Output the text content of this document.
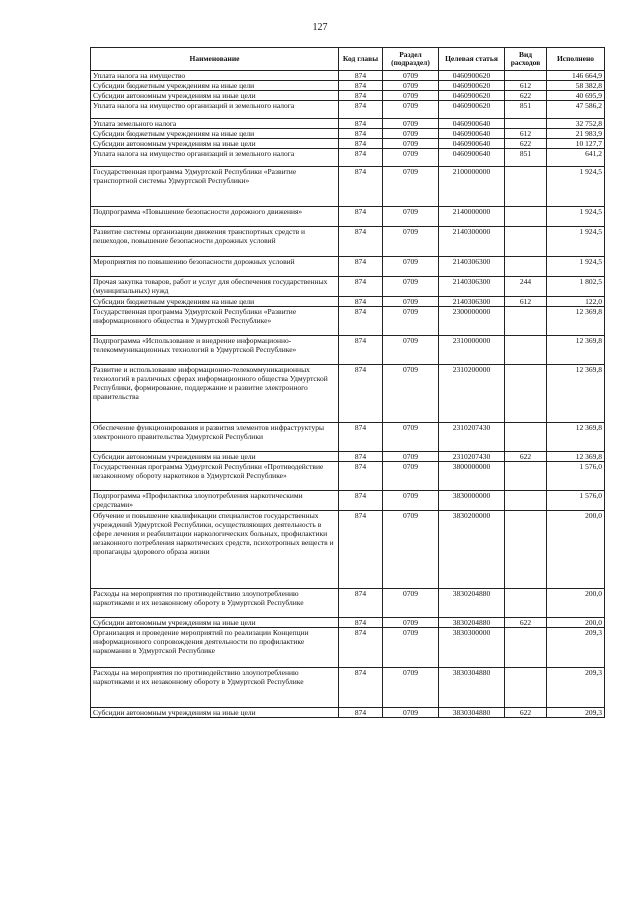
127
Наименование	Код главы	Раздел (подраздел)	Целевая статья	Вид расходов	Исполнено
Уплата налога на имущество	874	0709	0460900620		146 664,9
Субсидии бюджетным учреждениям на иные цели	874	0709	0460900620	612	58 382,8
Субсидии автономным учреждениям на иные цели	874	0709	0460900620	622	40 695,9
Уплата налога на имущество организаций и земельного налога	874	0709	0460900620	851	47 586,2
Уплата земельного налога	874	0709	0460900640		32 752,8
Субсидии бюджетным учреждениям на иные цели	874	0709	0460900640	612	21 983,9
Субсидии автономным учреждениям на иные цели	874	0709	0460900640	622	10 127,7
Уплата налога на имущество организаций и земельного налога	874	0709	0460900640	851	641,2
Государственная программа Удмуртской Республики «Развитие транспортной системы Удмуртской Республики»	874	0709	2100000000		1 924,5
Подпрограмма «Повышение безопасности дорожного движения»	874	0709	2140000000		1 924,5
Развитие системы организации движения транспортных средств и пешеходов, повышение безопасности дорожных условий	874	0709	2140300000		1 924,5
Мероприятия по повышению безопасности дорожных условий	874	0709	2140306300		1 924,5
Прочая закупка товаров, работ и услуг для обеспечения государственных (муниципальных) нужд	874	0709	2140306300	244	1 802,5
Субсидии бюджетным учреждениям на иные цели	874	0709	2140306300	612	122,0
Государственная программа Удмуртской Республики «Развитие информационного общества в Удмуртской Республике»	874	0709	2300000000		12 369,8
Подпрограмма «Использование и внедрение информационно-телекоммуникационных технологий в Удмуртской Республике»	874	0709	2310000000		12 369,8
Развитие и использование информационно-телекоммуникационных технологий в различных сферах информационного общества Удмуртской Республики, формирование, поддержание и развитие электронного правительства	874	0709	2310200000		12 369,8
Обеспечение функционирования и развития элементов инфраструктуры электронного правительства Удмуртской Республики	874	0709	2310207430		12 369,8
Субсидии автономным учреждениям на иные цели	874	0709	2310207430	622	12 369,8
Государственная программа Удмуртской Республики «Противодействие незаконному обороту наркотиков в Удмуртской Республике»	874	0709	3800000000		1 576,0
Подпрограмма «Профилактика злоупотребления наркотическими средствами»	874	0709	3830000000		1 576,0
Обучение и повышение квалификации специалистов государственных учреждений Удмуртской Республики, осуществляющих деятельность в сфере лечения и реабилитации наркологических больных, профилактики незаконного потребления наркотических средств, психотропных веществ и пропаганды здорового образа жизни	874	0709	3830200000		200,0
Расходы на мероприятия по противодействию злоупотреблению наркотиками и их незаконному обороту в Удмуртской Республике	874	0709	3830204880		200,0
Субсидии автономным учреждениям на иные цели	874	0709	3830204880	622	200,0
Организация и проведение мероприятий по реализации Концепции информационного сопровождения деятельности по профилактике наркомании в Удмуртской Республике	874	0709	3830300000		209,3
Расходы на мероприятия по противодействию злоупотреблению наркотиками и их незаконному обороту в Удмуртской Республике	874	0709	3830304880		209,3
Субсидии автономным учреждениям на иные цели	874	0709	3830304880	622	209,3
